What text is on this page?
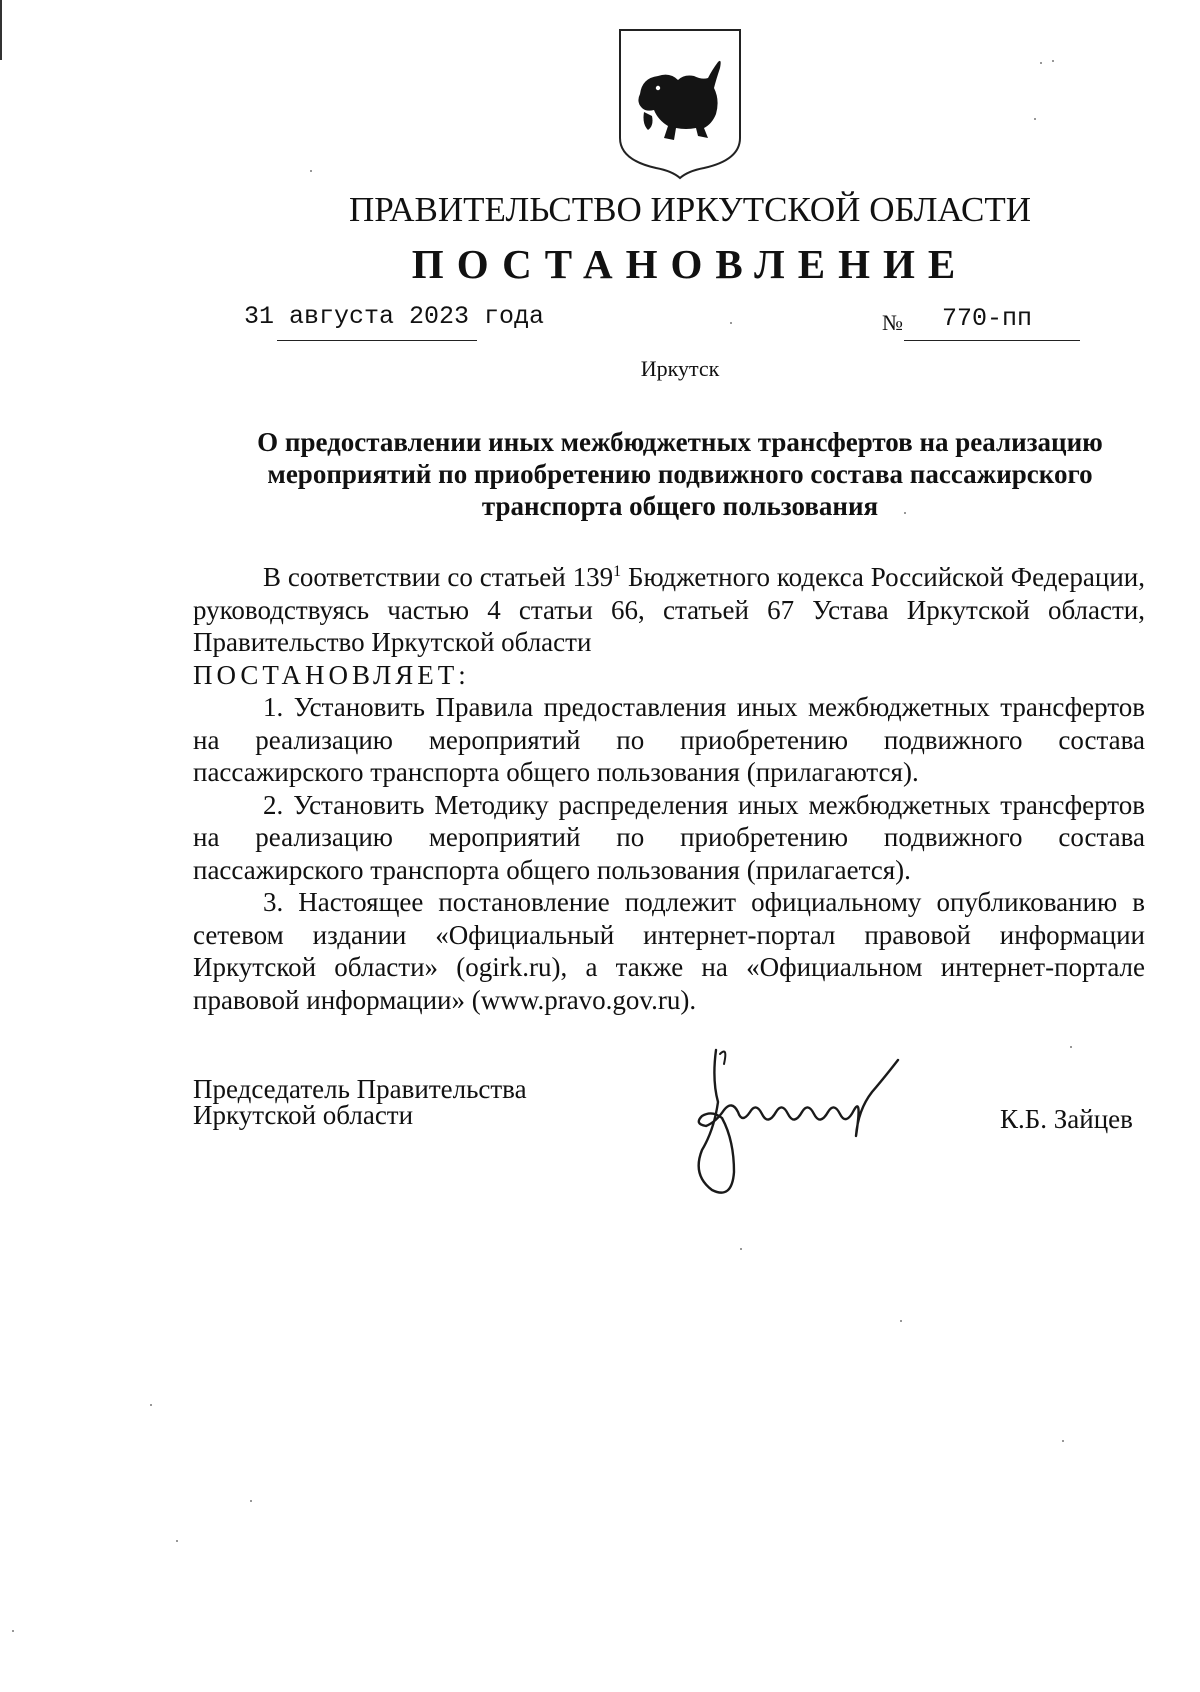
ПРАВИТЕЛЬСТВО ИРКУТСКОЙ ОБЛАСТИ
ПОСТАНОВЛЕНИЕ
31 августа 2023 года	№ 770-пп
Иркутск
О предоставлении иных межбюджетных трансфертов на реализацию мероприятий по приобретению подвижного состава пассажирского транспорта общего пользования

В соответствии со статьей $139^1$ Бюджетного кодекса Российской Федерации, руководствуясь частью 4 статьи 66, статьей 67 Устава Иркутской области, Правительство Иркутской области

ПОСТАНОВЛЯЕТ:

1. Установить Правила предоставления иных межбюджетных трансфертов на реализацию мероприятий по приобретению подвижного состава пассажирского транспорта общего пользования (прилагаются).

2. Установить Методику распределения иных межбюджетных трансфертов на реализацию мероприятий по приобретению подвижного состава пассажирского транспорта общего пользования (прилагается).

3. Настоящее постановление подлежит официальному опубликованию в сетевом издании «Официальный интернет-портал правовой информации Иркутской области» (ogirk.ru), а также на «Официальном интернет-портале правовой информации» (www.pravo.gov.ru).

Председатель Правительства
Иркутской области	К.Б. Зайцев
